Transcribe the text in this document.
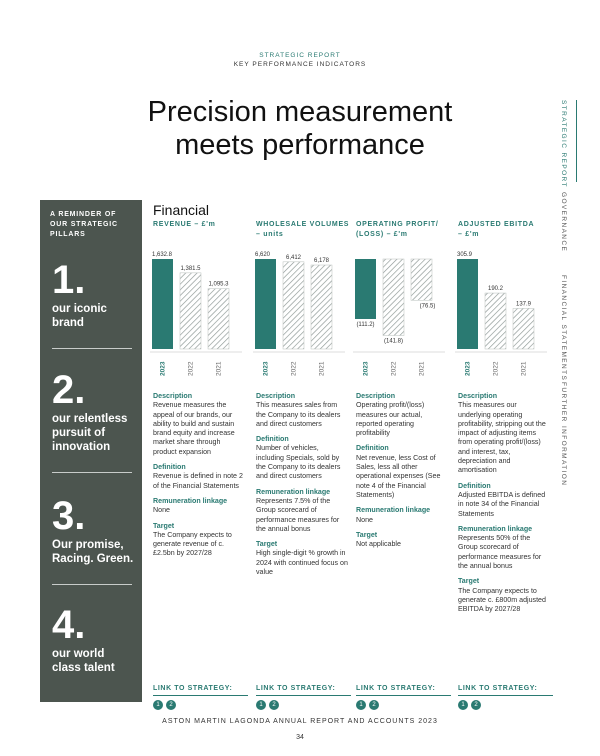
STRATEGIC REPORT
KEY PERFORMANCE INDICATORS
Precision measurement
meets performance	STRATEGIC REPORT
GOVERNANCE
FINANCIAL STATEMENTS
FURTHER INFORMATION
A REMINDER OF OUR STRATEGIC PILLARS
1.
our iconic brand
2.
our relentless pursuit of innovation
3.
Our promise, Racing. Green.
4.
our world class talent
Financial
REVENUE – £'m	WHOLESALE VOLUMES
– units
OPERATING PROFIT/
(LOSS) – £'m
ADJUSTED EBITDA
– £'m
1,632.8
2023
1,381.5
2022
1,095.3
2021
6,620
2023
6,412
2022
6,178
2021
(111.2)
2023
(141.8)
2022
(76.5)
2021
305.9
2023
190.2
2022
137.9
2021
Description
Revenue measures the appeal of our brands, our ability to build and sustain brand equity and increase market share through product expansion
Definition
Revenue is defined in note 2 of the Financial Statements
Remuneration linkage
None
Target
The Company expects to generate revenue of c. £2.5bn by 2027/28
Description
This measures sales from the Company to its dealers and direct customers
Definition
Number of vehicles, including Specials, sold by the Company to its dealers and direct customers
Remuneration linkage
Represents 7.5% of the Group scorecard of performance measures for the annual bonus
Target
High single-digit % growth in 2024 with continued focus on value
Description
Operating profit/(loss) measures our actual, reported operating profitability
Definition
Net revenue, less Cost of Sales, less all other operational expenses (See note 4 of the Financial Statements)
Remuneration linkage
None
Target
Not applicable
Description
This measures our underlying operating profitability, stripping out the impact of adjusting items from operating profit/(loss) and interest, tax, depreciation and amortisation
Definition
Adjusted EBITDA is defined in note 34 of the Financial Statements
Remuneration linkage
Represents 50% of the Group scorecard of performance measures for the annual bonus
Target
The Company expects to generate c. £800m adjusted EBITDA by 2027/28
LINK TO STRATEGY:
1	2
LINK TO STRATEGY:
1	2
LINK TO STRATEGY:
1	2
LINK TO STRATEGY:
1	2
ASTON MARTIN LAGONDA ANNUAL REPORT AND ACCOUNTS 2023
34
